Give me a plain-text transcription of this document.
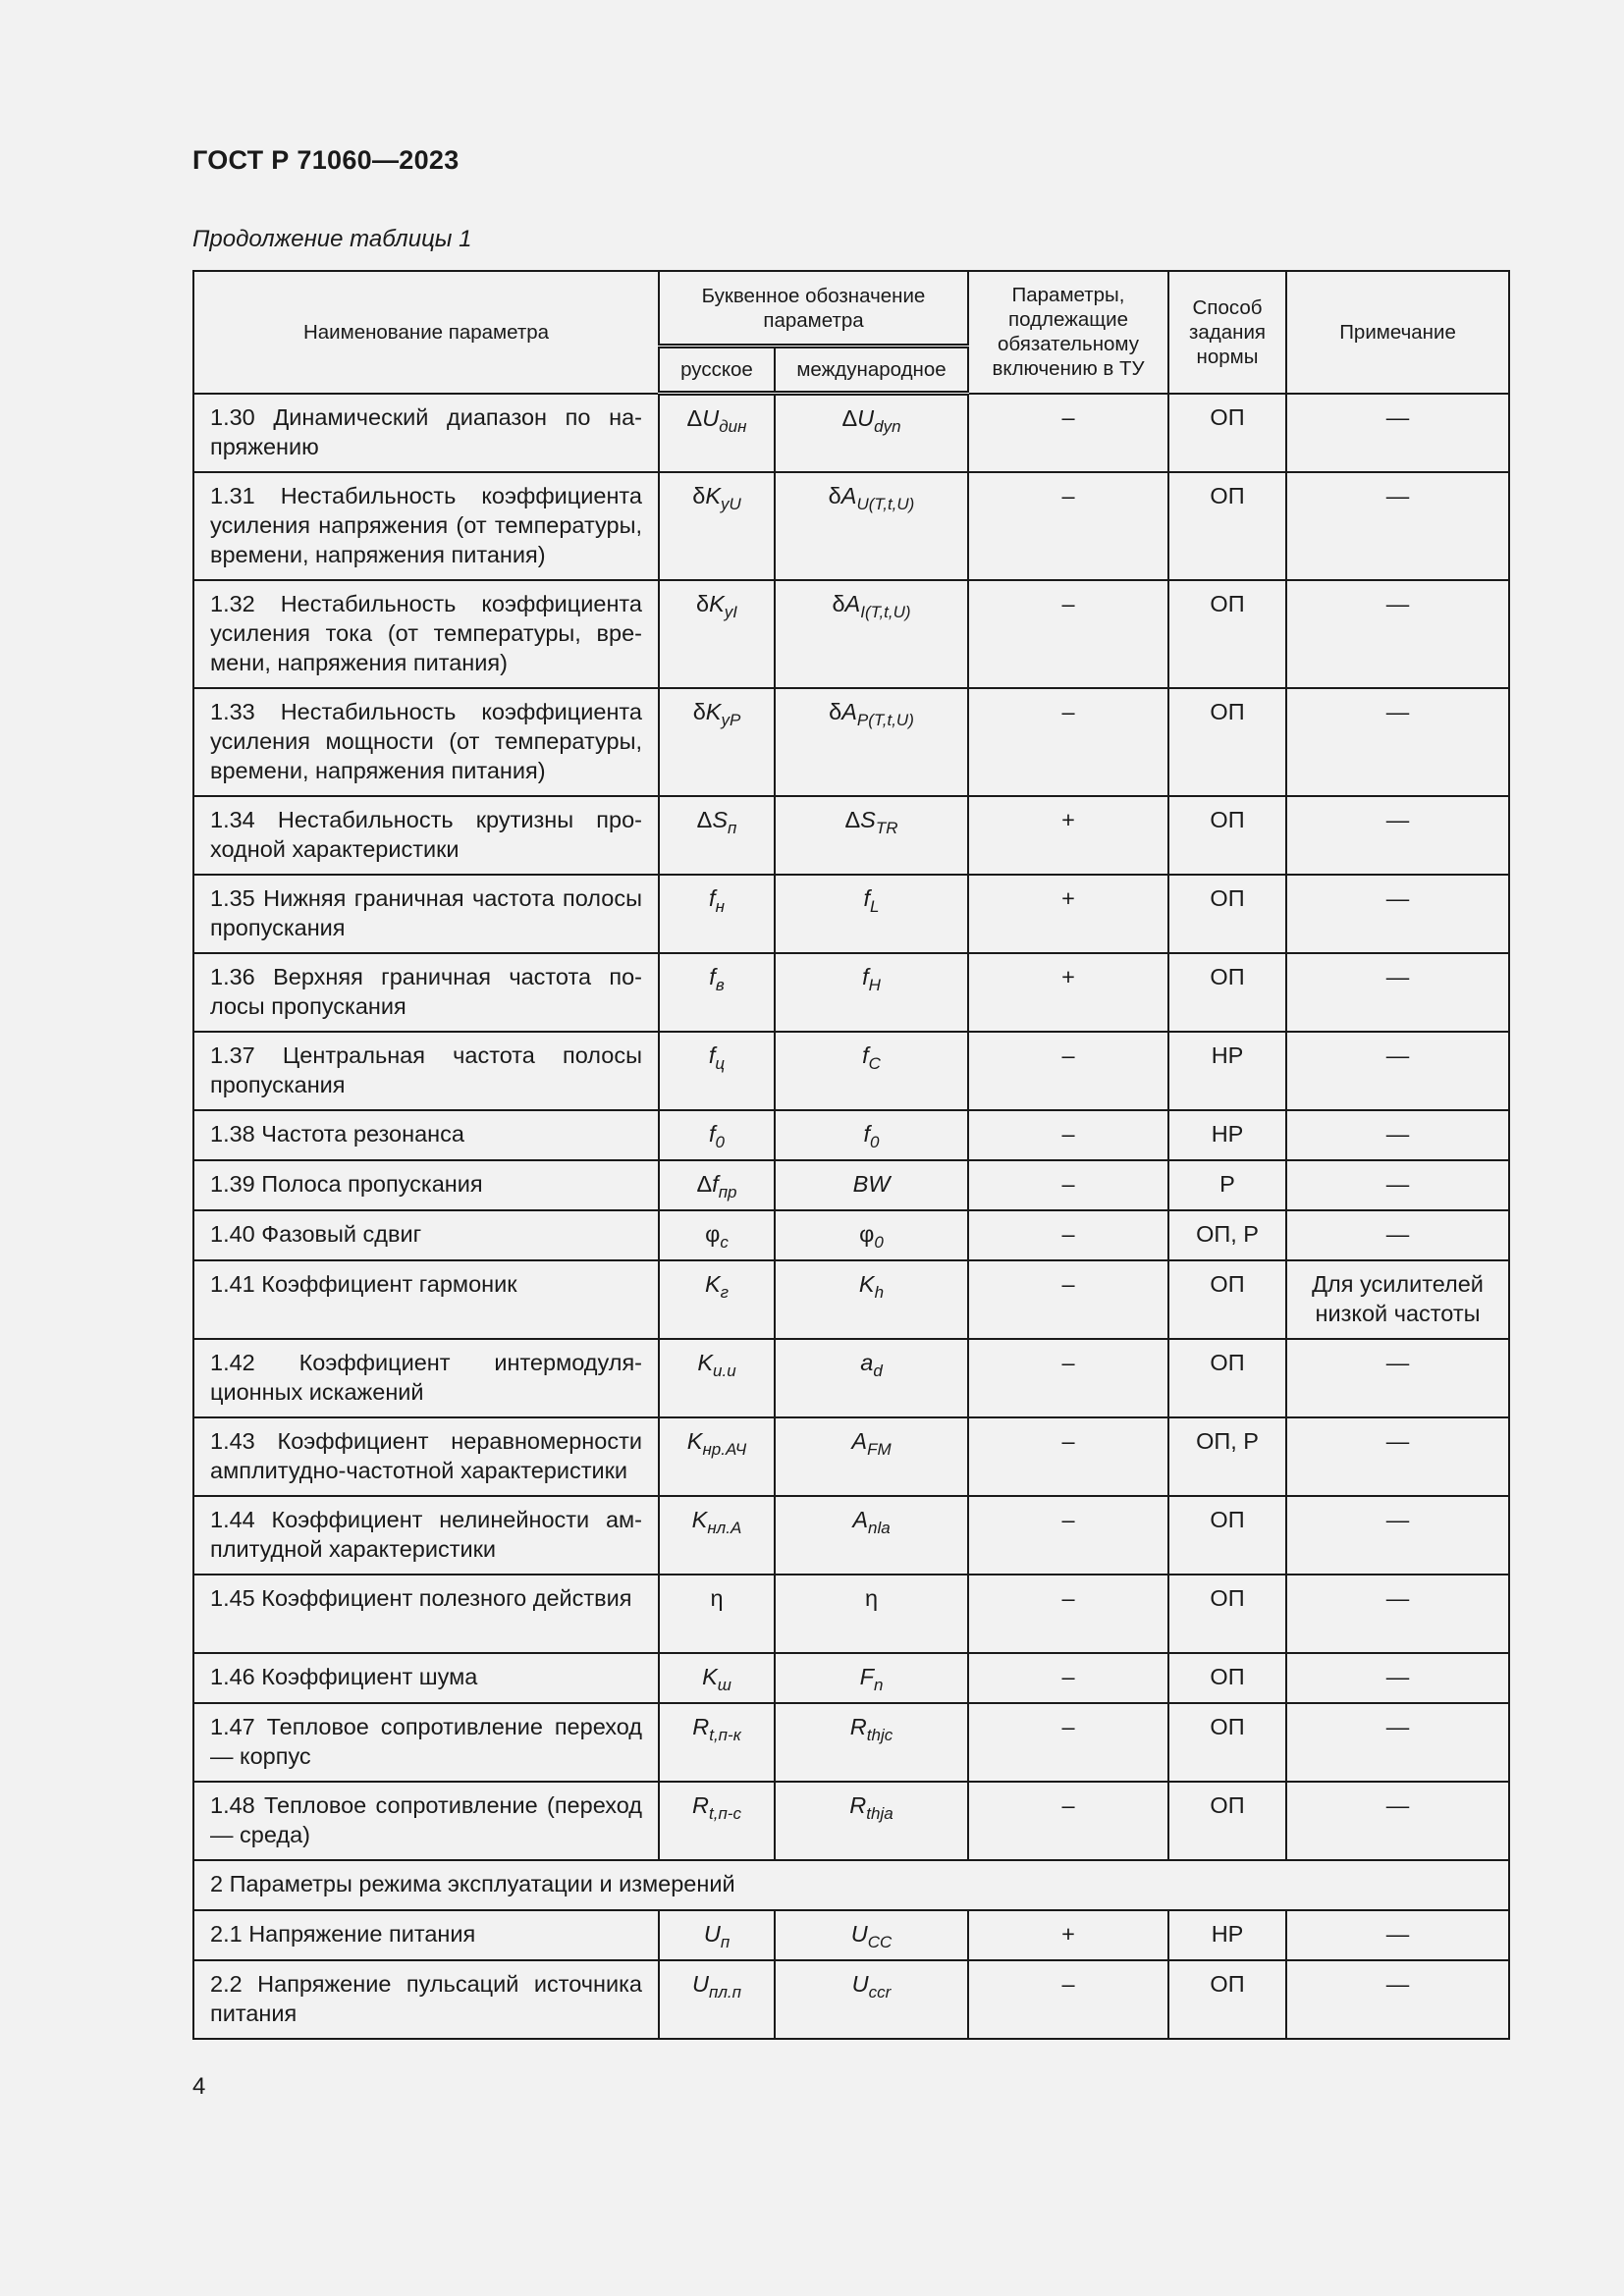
ГОСТ Р 71060—2023
Продолжение таблицы 1
Наименование параметра	Буквенное обозначение параметра		Параметры, подлежащие обязательному включению в ТУ	Способ задания нормы	Примечание
	русское	международное			
1.30 Динамический диапазон по напряжению	$\Delta U_{дин}$	$\Delta U_{dyn}$	–	ОП	—
1.31 Нестабильность коэффициента усиления напряжения (от температуры, времени, напряжения питания)	$\delta K_{уU}$	$\delta A_{U(T,t,U)}$	–	ОП	—
1.32 Нестабильность коэффициента усиления тока (от температуры, времени, напряжения питания)	$\delta K_{уI}$	$\delta A_{I(T,t,U)}$	–	ОП	—
1.33 Нестабильность коэффициента усиления мощности (от температуры, времени, напряжения питания)	$\delta K_{уP}$	$\delta A_{P(T,t,U)}$	–	ОП	—
1.34 Нестабильность крутизны проходной характеристики	$\Delta S_п$	$\Delta S_{TR}$	+	ОП	—
1.35 Нижняя граничная частота полосы пропускания	$f_н$	$f_L$	+	ОП	—
1.36 Верхняя граничная частота полосы пропускания	$f_в$	$f_H$	+	ОП	—
1.37 Центральная частота полосы пропускания	$f_ц$	$f_C$	–	НР	—
1.38 Частота резонанса	$f_0$	$f_0$	–	НР	—
1.39 Полоса пропускания	$\Delta f_{пр}$	BW	–	Р	—
1.40 Фазовый сдвиг	$\varphi_с$	$\varphi_0$	–	ОП, Р	—
1.41 Коэффициент гармоник	$K_г$	$K_h$	–	ОП	Для усилителей низкой частоты
1.42 Коэффициент интермодуляционных искажений	$K_{и.и}$	$a_d$	–	ОП	—
1.43 Коэффициент неравномерности амплитудно-частотной характеристики	$K_{нр.АЧ}$	$A_{FM}$	–	ОП, Р	—
1.44 Коэффициент нелинейности амплитудной характеристики	$K_{нл.А}$	$A_{nla}$	–	ОП	—
1.45 Коэффициент полезного действия	η	η	–	ОП	—
1.46 Коэффициент шума	$K_ш$	$F_n$	–	ОП	—
1.47 Тепловое сопротивление переход — корпус	$R_{t,п-к}$	$R_{thjc}$	–	ОП	—
1.48 Тепловое сопротивление (переход — среда)	$R_{t,п-с}$	$R_{thja}$	–	ОП	—
2 Параметры режима эксплуатации и измерений					
2.1 Напряжение питания	$U_п$	$U_{CC}$	+	НР	—
2.2 Напряжение пульсаций источника питания	$U_{пл.п}$	$U_{ccr}$	–	ОП	—
4
